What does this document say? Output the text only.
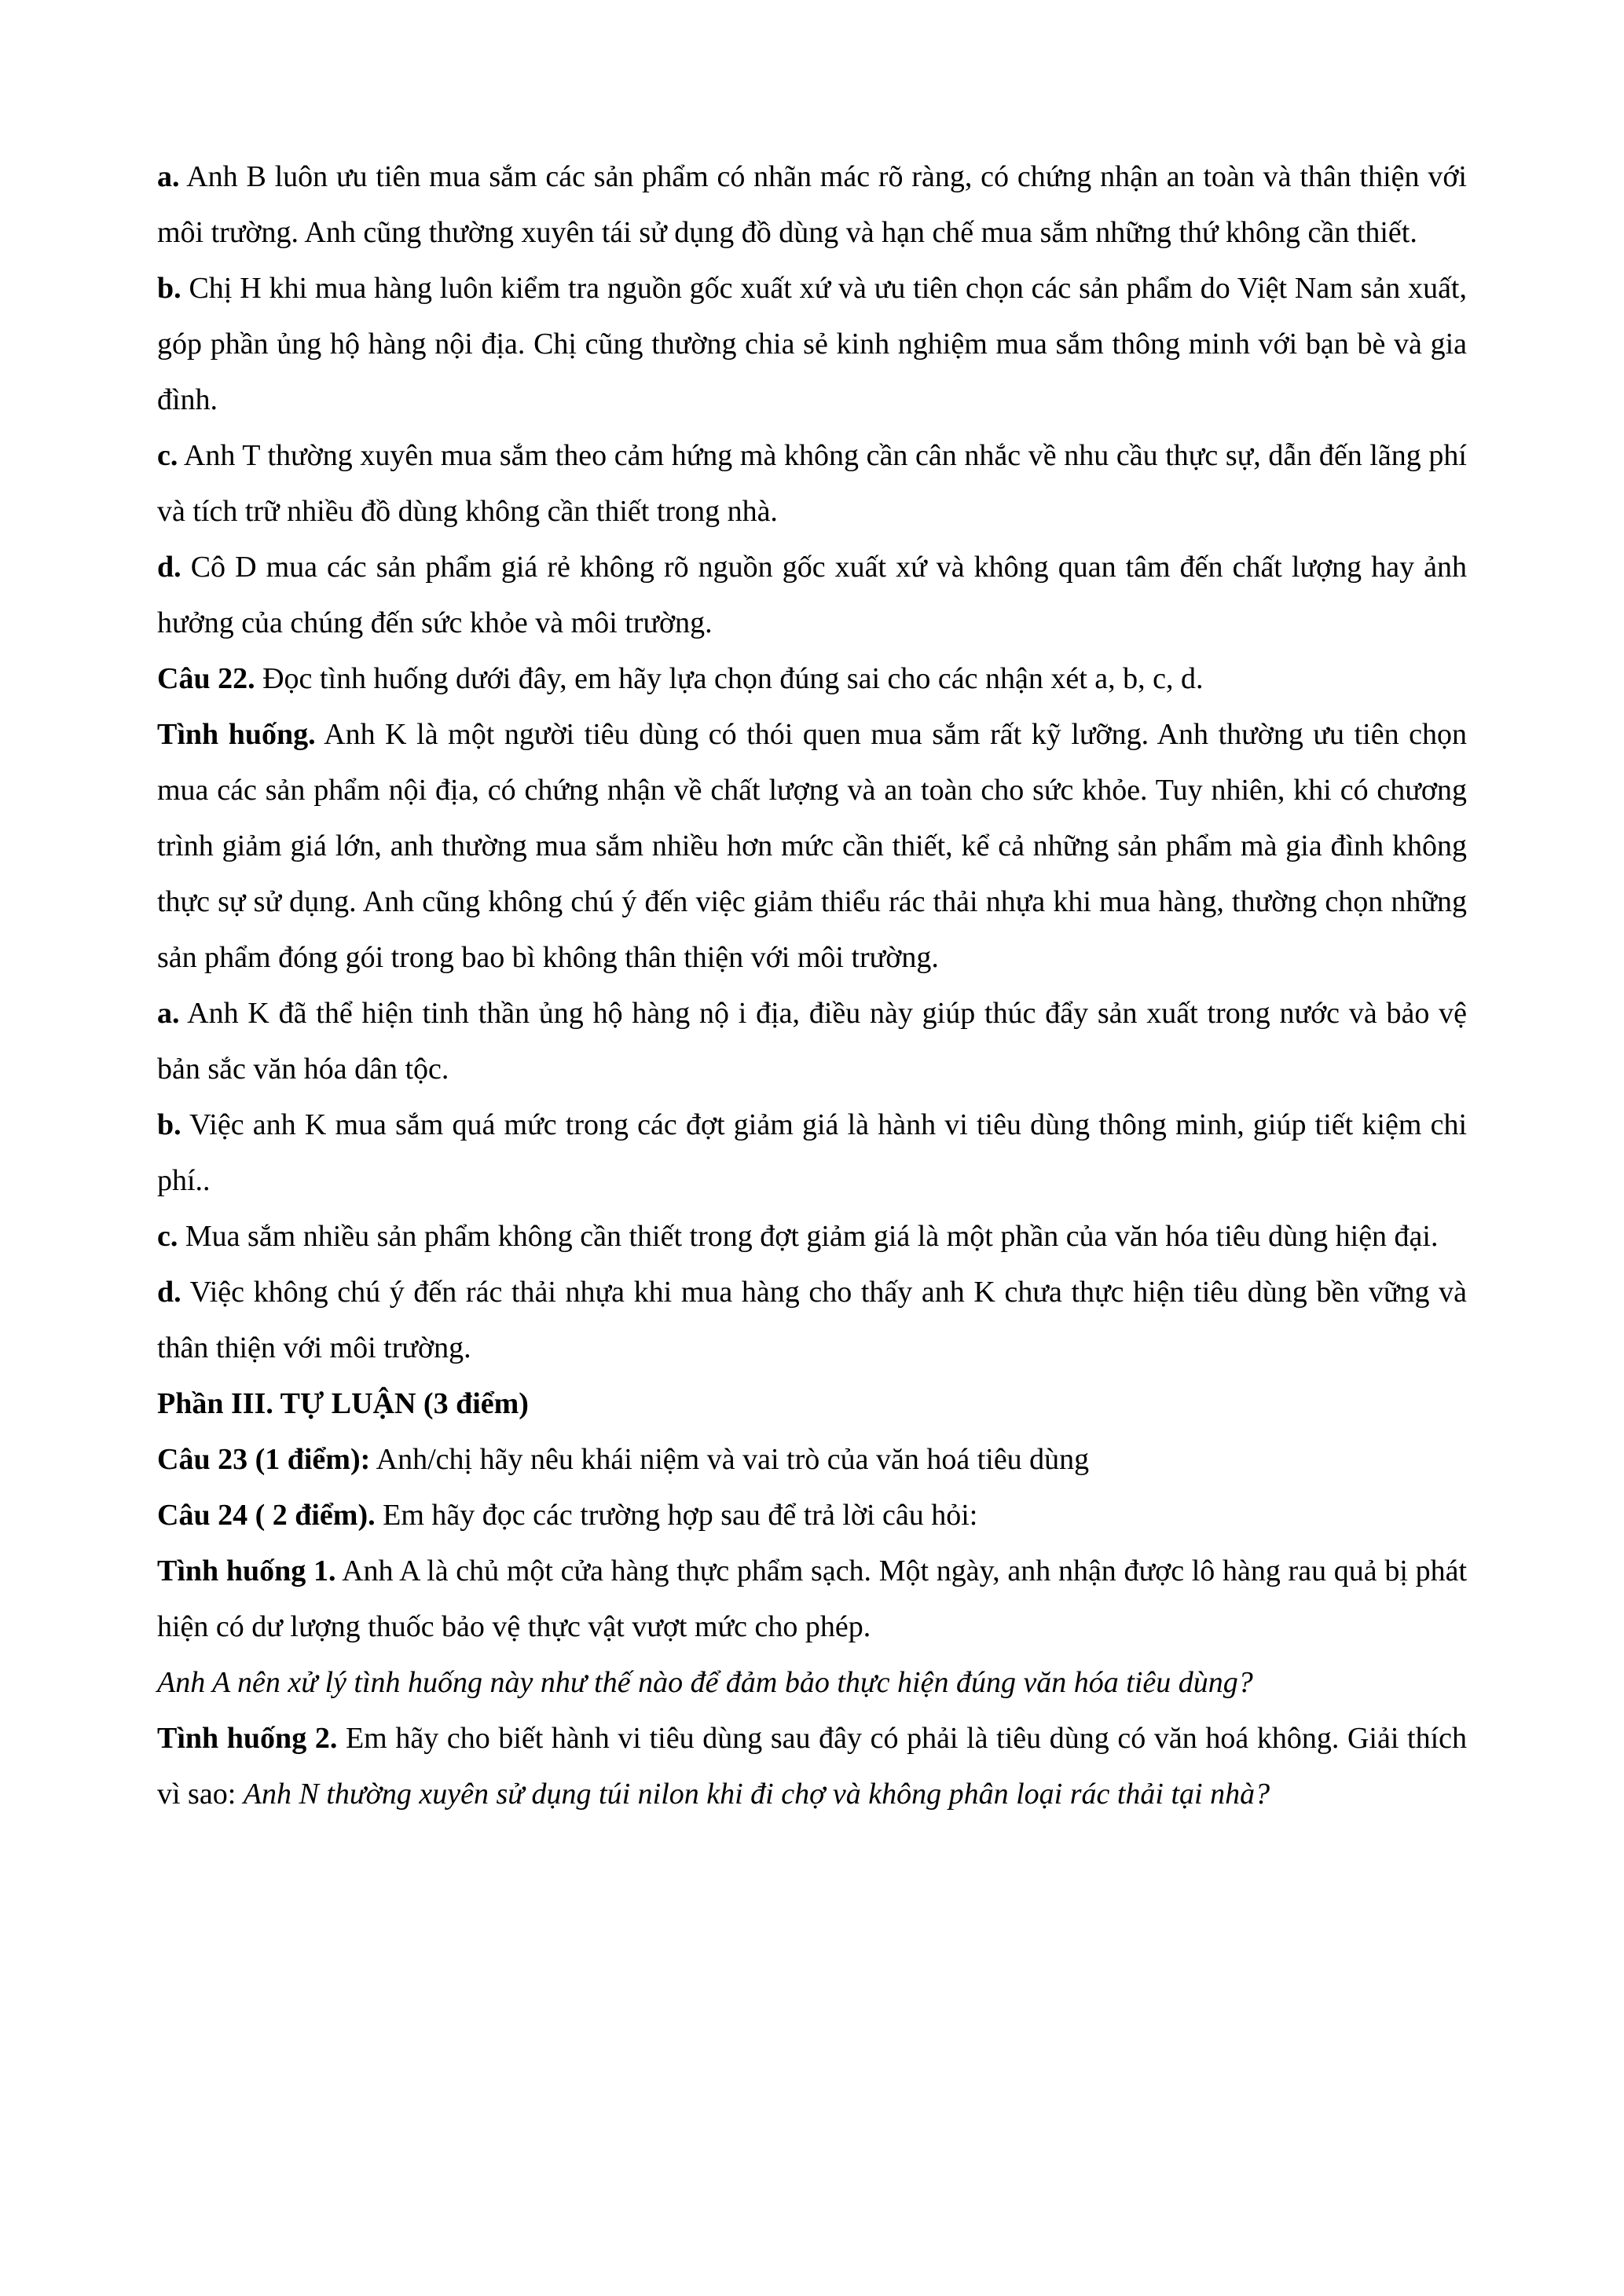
a. Anh B luôn ưu tiên mua sắm các sản phẩm có nhãn mác rõ ràng, có chứng nhận an toàn và thân thiện với môi trường. Anh cũng thường xuyên tái sử dụng đồ dùng và hạn chế mua sắm những thứ không cần thiết.

b. Chị H khi mua hàng luôn kiểm tra nguồn gốc xuất xứ và ưu tiên chọn các sản phẩm do Việt Nam sản xuất, góp phần ủng hộ hàng nội địa. Chị cũng thường chia sẻ kinh nghiệm mua sắm thông minh với bạn bè và gia đình.

c. Anh T thường xuyên mua sắm theo cảm hứng mà không cần cân nhắc về nhu cầu thực sự, dẫn đến lãng phí và tích trữ nhiều đồ dùng không cần thiết trong nhà.

d. Cô D mua các sản phẩm giá rẻ không rõ nguồn gốc xuất xứ và không quan tâm đến chất lượng hay ảnh hưởng của chúng đến sức khỏe và môi trường.

Câu 22. Đọc tình huống dưới đây, em hãy lựa chọn đúng sai cho các nhận xét a, b, c, d.

Tình huống. Anh K là một người tiêu dùng có thói quen mua sắm rất kỹ lưỡng. Anh thường ưu tiên chọn mua các sản phẩm nội địa, có chứng nhận về chất lượng và an toàn cho sức khỏe. Tuy nhiên, khi có chương trình giảm giá lớn, anh thường mua sắm nhiều hơn mức cần thiết, kể cả những sản phẩm mà gia đình không thực sự sử dụng. Anh cũng không chú ý đến việc giảm thiểu rác thải nhựa khi mua hàng, thường chọn những sản phẩm đóng gói trong bao bì không thân thiện với môi trường.

a. Anh K đã thể hiện tinh thần ủng hộ hàng nộ i địa, điều này giúp thúc đẩy sản xuất trong nước và bảo vệ bản sắc văn hóa dân tộc.

b. Việc anh K mua sắm quá mức trong các đợt giảm giá là hành vi tiêu dùng thông minh, giúp tiết kiệm chi phí..

c. Mua sắm nhiều sản phẩm không cần thiết trong đợt giảm giá là một phần của văn hóa tiêu dùng hiện đại.

d. Việc không chú ý đến rác thải nhựa khi mua hàng cho thấy anh K chưa thực hiện tiêu dùng bền vững và thân thiện với môi trường.

Phần III. TỰ LUẬN (3 điểm)

Câu 23 (1 điểm): Anh/chị hãy nêu khái niệm và vai trò của văn hoá tiêu dùng

Câu 24 ( 2 điểm). Em hãy đọc các trường hợp sau để trả lời câu hỏi:

Tình huống 1. Anh A là chủ một cửa hàng thực phẩm sạch. Một ngày, anh nhận được lô hàng rau quả bị phát hiện có dư lượng thuốc bảo vệ thực vật vượt mức cho phép.

Anh A nên xử lý tình huống này như thế nào để đảm bảo thực hiện đúng văn hóa tiêu dùng?

Tình huống 2. Em hãy cho biết hành vi tiêu dùng sau đây có phải là tiêu dùng có văn hoá không. Giải thích vì sao: Anh N thường xuyên sử dụng túi nilon khi đi chợ và không phân loại rác thải tại nhà?
